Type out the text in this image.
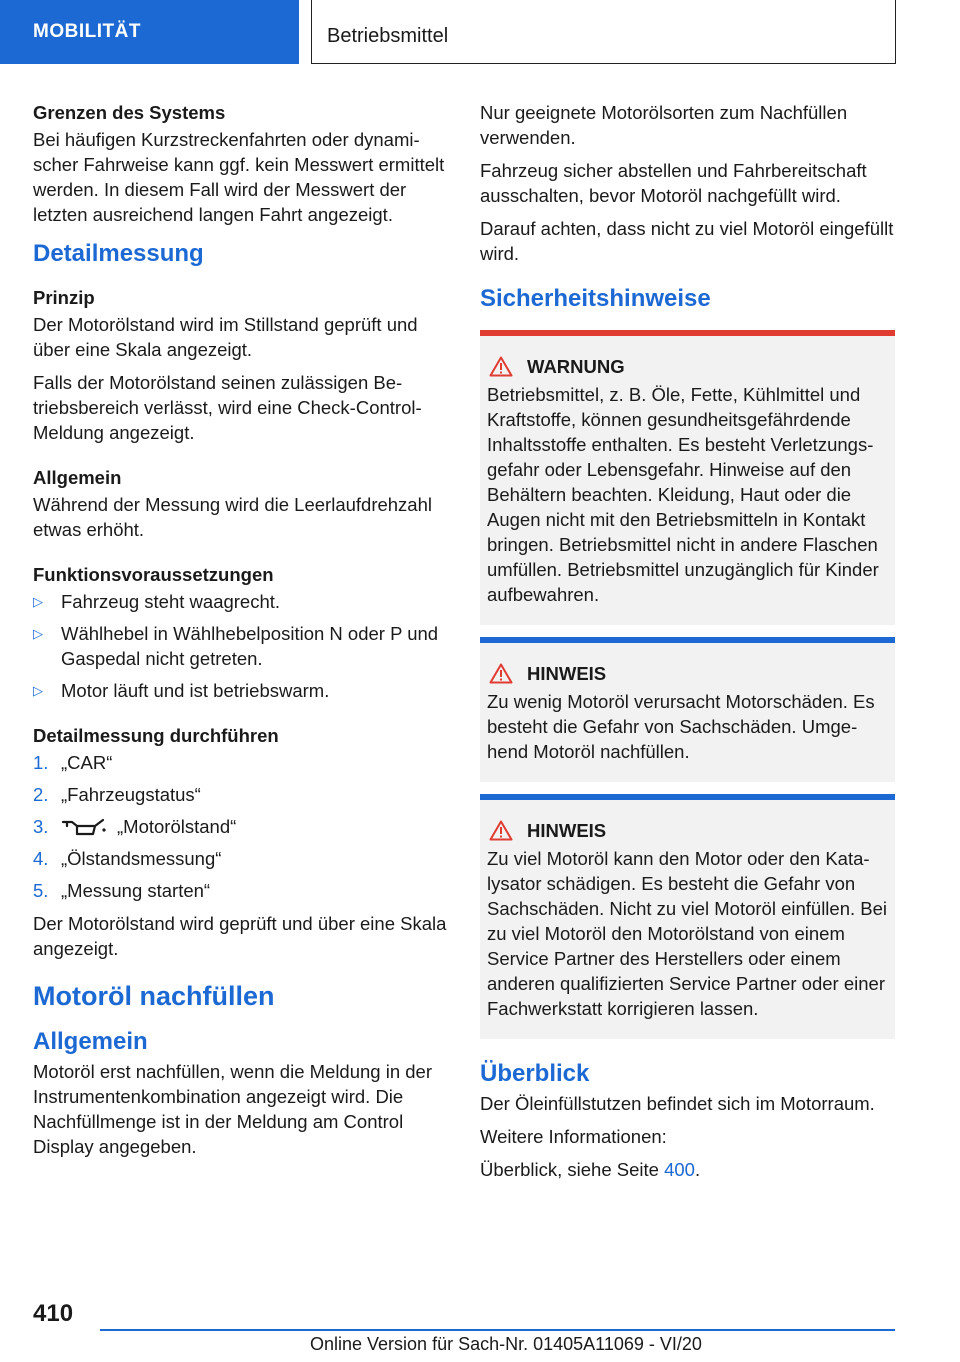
MOBILITÄT	Betriebsmittel
Grenzen des Systems

Bei häufigen Kurzstreckenfahrten oder dynamischer Fahrweise kann ggf. kein Messwert ermittelt werden. In diesem Fall wird der Messwert der letzten ausreichend langen Fahrt angezeigt.

Detailmessung
Prinzip

Der Motorölstand wird im Stillstand geprüft und über eine Skala angezeigt.

Falls der Motorölstand seinen zulässigen Betriebsbereich verlässt, wird eine Check-Control-Meldung angezeigt.

Allgemein

Während der Messung wird die Leerlaufdrehzahl etwas erhöht.

Funktionsvoraussetzungen
▷ Fahrzeug steht waagrecht.
▷ Wählhebel in Wählhebelposition N oder P und Gaspedal nicht getreten.
▷ Motor läuft und ist betriebswarm.
Detailmessung durchführen
1. „CAR“
2. „Fahrzeugstatus“
3.	„Motorölstand“
4. „Ölstandsmessung“
5. „Messung starten“

Der Motorölstand wird geprüft und über eine Skala angezeigt.

Motoröl nachfüllen
Allgemein

Motoröl erst nachfüllen, wenn die Meldung in der Instrumentenkombination angezeigt wird. Die Nachfüllmenge ist in der Meldung am Control Display angegeben.

Nur geeignete Motorölsorten zum Nachfüllen verwenden.

Fahrzeug sicher abstellen und Fahrbereitschaft ausschalten, bevor Motoröl nachgefüllt wird.

Darauf achten, dass nicht zu viel Motoröl eingefüllt wird.

Sicherheitshinweise
WARNUNG

Betriebsmittel, z. B. Öle, Fette, Kühlmittel und Kraftstoffe, können gesundheitsgefährdende Inhaltsstoffe enthalten. Es besteht Verletzungsgefahr oder Lebensgefahr. Hinweise auf den Behältern beachten. Kleidung, Haut oder die Augen nicht mit den Betriebsmitteln in Kontakt bringen. Betriebsmittel nicht in andere Flaschen umfüllen. Betriebsmittel unzugänglich für Kinder aufbewahren.

HINWEIS

Zu wenig Motoröl verursacht Motorschäden. Es besteht die Gefahr von Sachschäden. Umgehend Motoröl nachfüllen.

HINWEIS

Zu viel Motoröl kann den Motor oder den Katalysator schädigen. Es besteht die Gefahr von Sachschäden. Nicht zu viel Motoröl einfüllen. Bei zu viel Motoröl den Motorölstand von einem Service Partner des Herstellers oder einem anderen qualifizierten Service Partner oder einer Fachwerkstatt korrigieren lassen.

Überblick

Der Öleinfüllstutzen befindet sich im Motorraum.

Weitere Informationen:

Überblick, siehe Seite 400.

410
Online Version für Sach-Nr. 01405A11069 - VI/20
